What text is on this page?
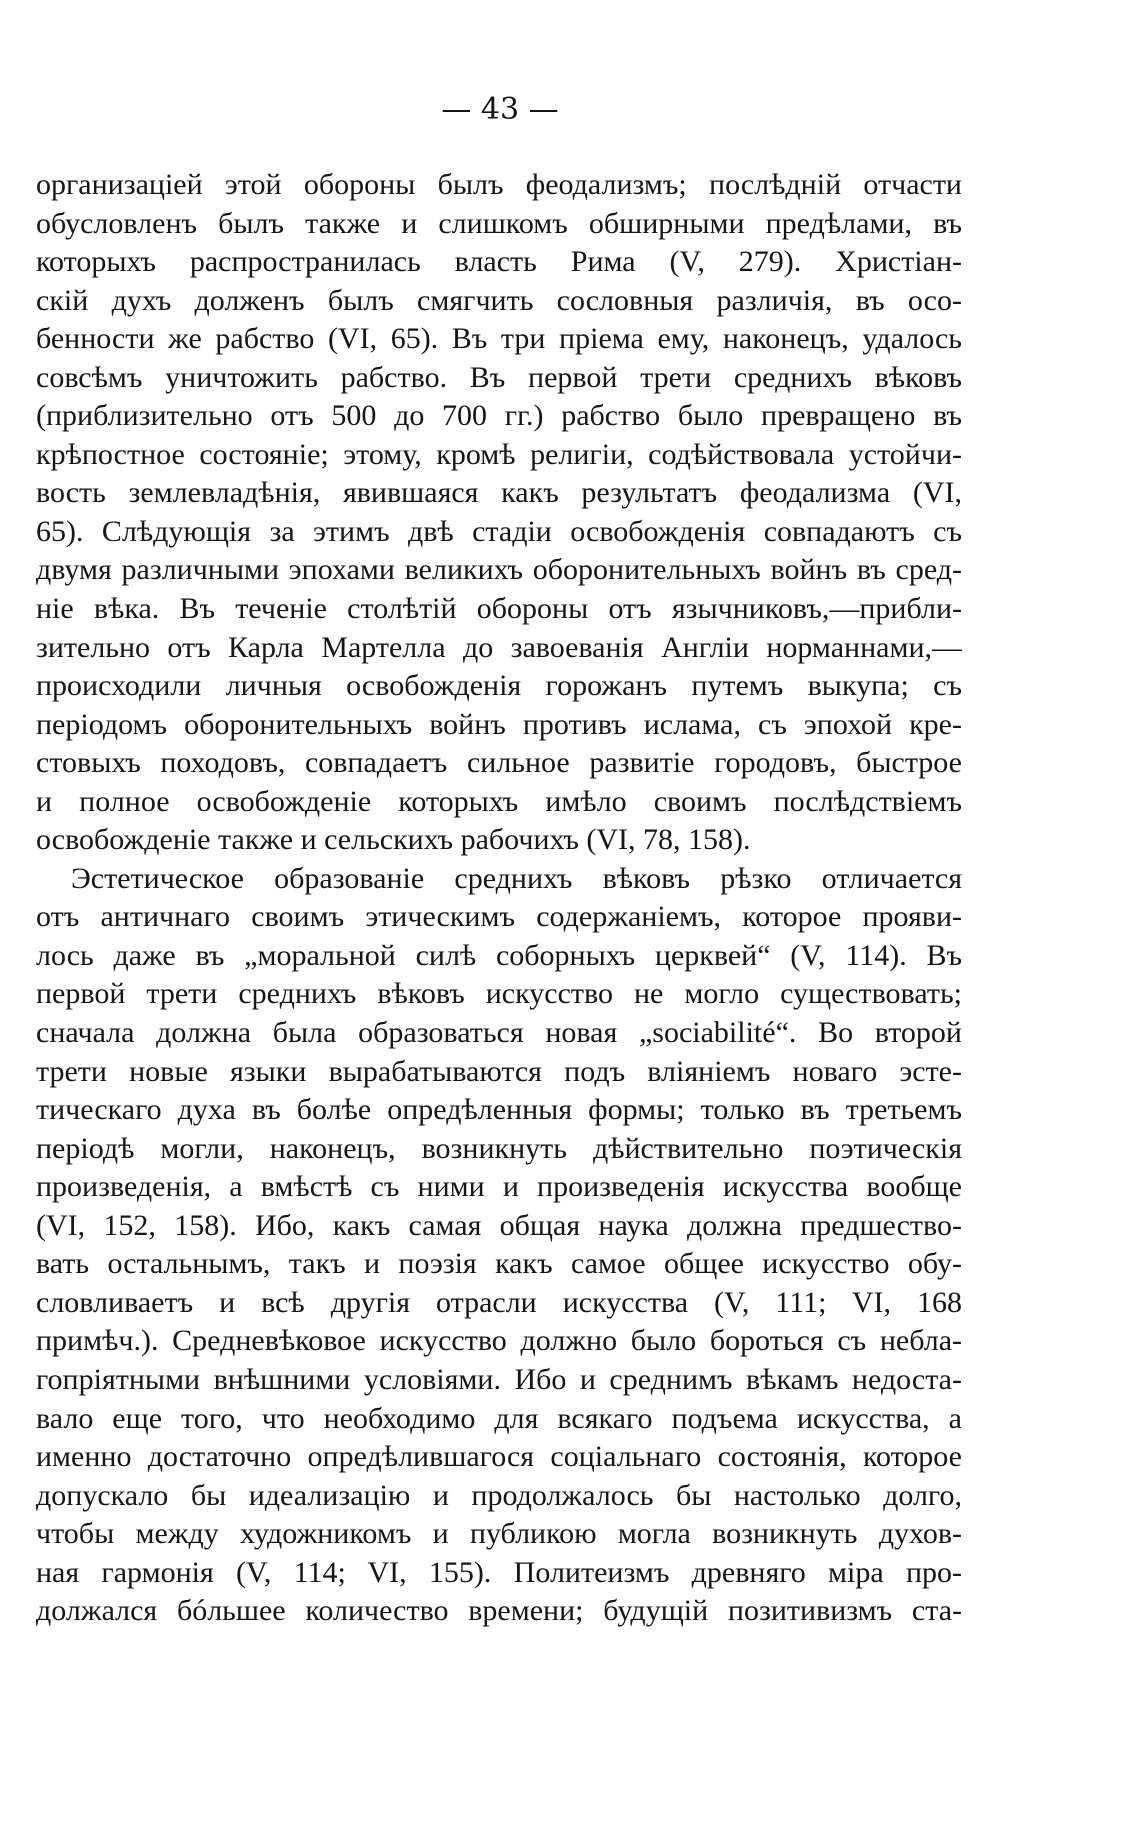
— 43 —
организаціей этой обороны былъ феодализмъ; послѣдній отчасти
обусловленъ былъ также и слишкомъ обширными предѣлами, въ
которыхъ распространилась власть Рима (V, 279). Христіан-
скій духъ долженъ былъ смягчить сословныя различія, въ осо-
бенности же рабство (VI, 65). Въ три пріема ему, наконецъ, удалось
совсѣмъ уничтожить рабство. Въ первой трети среднихъ вѣковъ
(приблизительно отъ 500 до 700 гг.) рабство было превращено въ
крѣпостное состояніе; этому, кромѣ религіи, содѣйствовала устойчи-
вость землевладѣнія, явившаяся какъ результатъ феодализма (VI,
65). Слѣдующія за этимъ двѣ стадіи освобожденія совпадаютъ съ
двумя различными эпохами великихъ оборонительныхъ войнъ въ сред-
ніе вѣка. Въ теченіе столѣтій обороны отъ язычниковъ,—прибли-
зительно отъ Карла Мартелла до завоеванія Англіи норманнами,—
происходили личныя освобожденія горожанъ путемъ выкупа; съ
періодомъ оборонительныхъ войнъ противъ ислама, съ эпохой кре-
стовыхъ походовъ, совпадаетъ сильное развитіе городовъ, быстрое
и полное освобожденіе которыхъ имѣло своимъ послѣдствіемъ
освобожденіе также и сельскихъ рабочихъ (VI, 78, 158).
Эстетическое образованіе среднихъ вѣковъ рѣзко отличается
отъ античнаго своимъ этическимъ содержаніемъ, которое прояви-
лось даже въ „моральной силѣ соборныхъ церквей“ (V, 114). Въ
первой трети среднихъ вѣковъ искусство не могло существовать;
сначала должна была образоваться новая „sociabilité“. Во второй
трети новые языки вырабатываются подъ вліяніемъ новаго эсте-
тическаго духа въ болѣе опредѣленныя формы; только въ третьемъ
періодѣ могли, наконецъ, возникнуть дѣйствительно поэтическія
произведенія, а вмѣстѣ съ ними и произведенія искусства вообще
(VI, 152, 158). Ибо, какъ самая общая наука должна предшество-
вать остальнымъ, такъ и поэзія какъ самое общее искусство обу-
словливаетъ и всѣ другія отрасли искусства (V, 111; VI, 168
примѣч.). Средневѣковое искусство должно было бороться съ небла-
гопріятными внѣшними условіями. Ибо и среднимъ вѣкамъ недоста-
вало еще того, что необходимо для всякаго подъема искусства, а
именно достаточно опредѣлившагося соціальнаго состоянія, которое
допускало бы идеализацію и продолжалось бы настолько долго,
чтобы между художникомъ и публикою могла возникнуть духов-
ная гармонія (V, 114; VI, 155). Политеизмъ древняго міра про-
должался бóльшее количество времени; будущій позитивизмъ ста-
